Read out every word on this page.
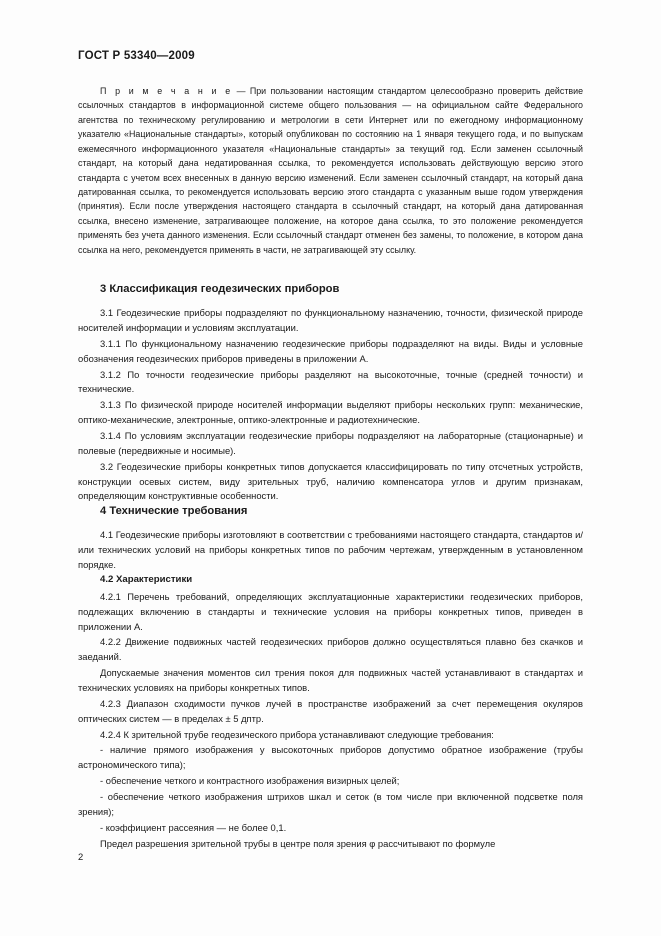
ГОСТ Р 53340—2009
П р и м е ч а н и е — При пользовании настоящим стандартом целесообразно проверить действие ссылочных стандартов в информационной системе общего пользования — на официальном сайте Федерального агентства по техническому регулированию и метрологии в сети Интернет или по ежегодному информационному указателю «Национальные стандарты», который опубликован по состоянию на 1 января текущего года, и по выпускам ежемесячного информационного указателя «Национальные стандарты» за текущий год. Если заменен ссылочный стандарт, на который дана недатированная ссылка, то рекомендуется использовать действующую версию этого стандарта с учетом всех внесенных в данную версию изменений. Если заменен ссылочный стандарт, на который дана датированная ссылка, то рекомендуется использовать версию этого стандарта с указанным выше годом утверждения (принятия). Если после утверждения настоящего стандарта в ссылочный стандарт, на который дана датированная ссылка, внесено изменение, затрагивающее положение, на которое дана ссылка, то это положение рекомендуется применять без учета данного изменения. Если ссылочный стандарт отменен без замены, то положение, в котором дана ссылка на него, рекомендуется применять в части, не затрагивающей эту ссылку.
3 Классификация геодезических приборов

3.1 Геодезические приборы подразделяют по функциональному назначению, точности, физической природе носителей информации и условиям эксплуатации.

3.1.1 По функциональному назначению геодезические приборы подразделяют на виды. Виды и условные обозначения геодезических приборов приведены в приложении А.

3.1.2 По точности геодезические приборы разделяют на высокоточные, точные (средней точности) и технические.

3.1.3 По физической природе носителей информации выделяют приборы нескольких групп: механические, оптико-механические, электронные, оптико-электронные и радиотехнические.

3.1.4 По условиям эксплуатации геодезические приборы подразделяют на лабораторные (стационарные) и полевые (передвижные и носимые).

3.2 Геодезические приборы конкретных типов допускается классифицировать по типу отсчетных устройств, конструкции осевых систем, виду зрительных труб, наличию компенсатора углов и другим признакам, определяющим конструктивные особенности.

4 Технические требования

4.1 Геодезические приборы изготовляют в соответствии с требованиями настоящего стандарта, стандартов и/или технических условий на приборы конкретных типов по рабочим чертежам, утвержденным в установленном порядке.

4.2 Характеристики

4.2.1 Перечень требований, определяющих эксплуатационные характеристики геодезических приборов, подлежащих включению в стандарты и технические условия на приборы конкретных типов, приведен в приложении А.

4.2.2 Движение подвижных частей геодезических приборов должно осуществляться плавно без скачков и заеданий.

Допускаемые значения моментов сил трения покоя для подвижных частей устанавливают в стандартах и технических условиях на приборы конкретных типов.

4.2.3 Диапазон сходимости пучков лучей в пространстве изображений за счет перемещения окуляров оптических систем — в пределах ± 5 дптр.

4.2.4 К зрительной трубе геодезического прибора устанавливают следующие требования:

- наличие прямого изображения у высокоточных приборов допустимо обратное изображение (трубы астрономического типа);

- обеспечение четкого и контрастного изображения визирных целей;

- обеспечение четкого изображения штрихов шкал и сеток (в том числе при включенной подсветке поля зрения);

- коэффициент рассеяния — не более 0,1.

Предел разрешения зрительной трубы в центре поля зрения φ рассчитывают по формуле

2
